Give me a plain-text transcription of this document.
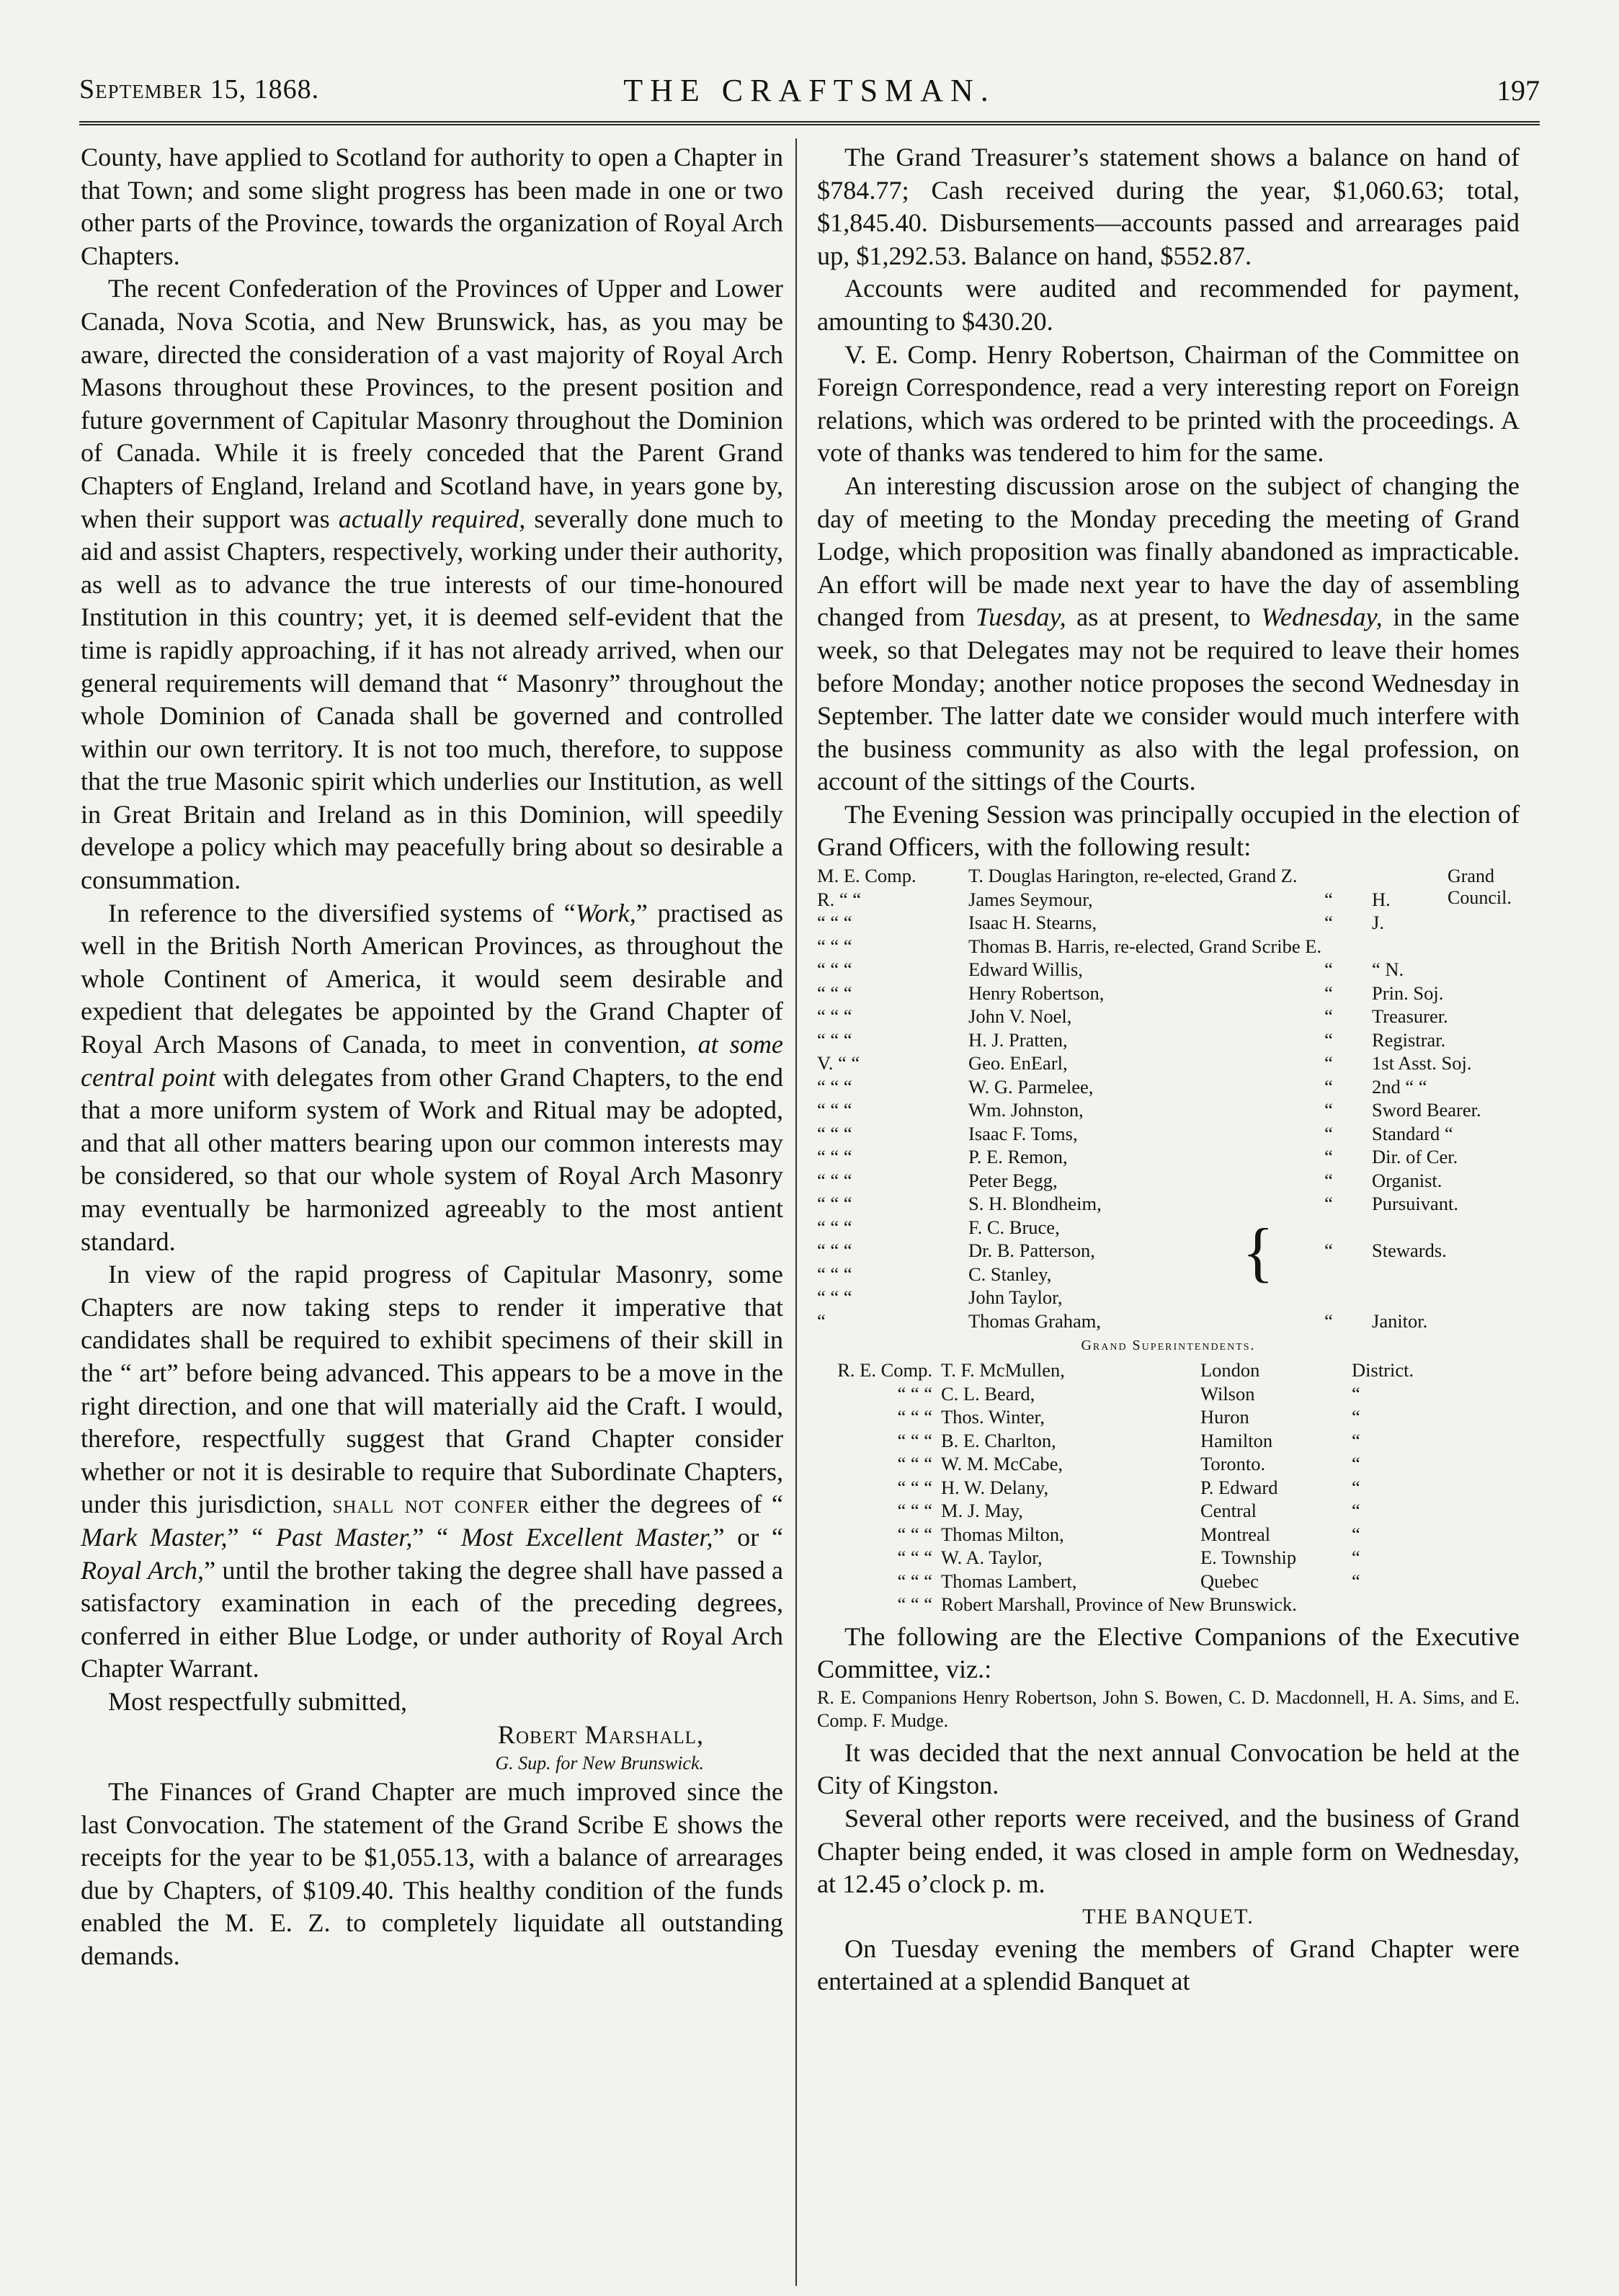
September 15, 1868.	THE CRAFTSMAN.	197

County, have applied to Scotland for authority to open a Chapter in that Town; and some slight progress has been made in one or two other parts of the Province, towards the organization of Royal Arch Chapters.

The recent Confederation of the Provinces of Upper and Lower Canada, Nova Scotia, and New Brunswick, has, as you may be aware, directed the consideration of a vast majority of Royal Arch Masons throughout these Provinces, to the present position and future government of Capitular Masonry throughout the Dominion of Canada. While it is freely conceded that the Parent Grand Chapters of England, Ireland and Scotland have, in years gone by, when their support was actually required, severally done much to aid and assist Chapters, respectively, working under their authority, as well as to advance the true interests of our time-honoured Institution in this country; yet, it is deemed self-evident that the time is rapidly approaching, if it has not already arrived, when our general requirements will demand that “ Masonry” throughout the whole Dominion of Canada shall be governed and controlled within our own territory. It is not too much, therefore, to suppose that the true Masonic spirit which underlies our Institution, as well in Great Britain and Ireland as in this Dominion, will speedily develope a policy which may peacefully bring about so desirable a consummation.

In reference to the diversified systems of “Work,” practised as well in the British North American Provinces, as throughout the whole Continent of America, it would seem desirable and expedient that delegates be appointed by the Grand Chapter of Royal Arch Masons of Canada, to meet in convention, at some central point with delegates from other Grand Chapters, to the end that a more uniform system of Work and Ritual may be adopted, and that all other matters bearing upon our common interests may be considered, so that our whole system of Royal Arch Masonry may eventually be harmonized agreeably to the most antient standard.

In view of the rapid progress of Capitular Masonry, some Chapters are now taking steps to render it imperative that candidates shall be required to exhibit specimens of their skill in the “ art” before being advanced. This appears to be a move in the right direction, and one that will materially aid the Craft. I would, therefore, respectfully suggest that Grand Chapter consider whether or not it is desirable to require that Subordinate Chapters, under this jurisdiction, shall not confer either the degrees of “ Mark Master,” “ Past Master,” “ Most Excellent Master,” or “ Royal Arch,” until the brother taking the degree shall have passed a satisfactory examination in each of the preceding degrees, conferred in either Blue Lodge, or under authority of Royal Arch Chapter Warrant.

Most respectfully submitted,

Robert Marshall,
G. Sup. for New Brunswick.

The Finances of Grand Chapter are much improved since the last Convocation. The statement of the Grand Scribe E shows the receipts for the year to be $1,055.13, with a balance of arrearages due by Chapters, of $109.40. This healthy condition of the funds enabled the M. E. Z. to completely liquidate all outstanding demands.

The Grand Treasurer’s statement shows a balance on hand of $784.77; Cash received during the year, $1,060.63; total, $1,845.40. Disbursements—accounts passed and arrearages paid up, $1,292.53. Balance on hand, $552.87.

Accounts were audited and recommended for payment, amounting to $430.20.

V. E. Comp. Henry Robertson, Chairman of the Committee on Foreign Correspondence, read a very interesting report on Foreign relations, which was ordered to be printed with the proceedings. A vote of thanks was tendered to him for the same.

An interesting discussion arose on the subject of changing the day of meeting to the Monday preceding the meeting of Grand Lodge, which proposition was finally abandoned as impracticable. An effort will be made next year to have the day of assembling changed from Tuesday, as at present, to Wednesday, in the same week, so that Delegates may not be required to leave their homes before Monday; another notice proposes the second Wednesday in September. The latter date we consider would much interfere with the business community as also with the legal profession, on account of the sittings of the Courts.

The Evening Session was principally occupied in the election of Grand Officers, with the following result:

M. E. Comp.	T. Douglas Harington, re-elected, Grand Z.
R. “ “	James Seymour,	“	H.
“ “ “	Isaac H. Stearns,	“	J.
“ “ “	Thomas B. Harris, re-elected, Grand Scribe E.
“ “ “	Edward Willis,	“	“ N.
“ “ “	Henry Robertson,	“	Prin. Soj.
“ “ “	John V. Noel,	“	Treasurer.
“ “ “	H. J. Pratten,	“	Registrar.
V. “ “	Geo. EnEarl,	“	1st Asst. Soj.
“ “ “	W. G. Parmelee,	“	2nd “ “
“ “ “	Wm. Johnston,	“	Sword Bearer.
“ “ “	Isaac F. Toms,	“	Standard “
“ “ “	P. E. Remon,	“	Dir. of Cer.
“ “ “	Peter Begg,	“	Organist.
“ “ “	S. H. Blondheim,	“	Pursuivant.
“ “ “	F. C. Bruce,
“ “ “	Dr. B. Patterson,	“	Stewards.
“ “ “	C. Stanley,
“ “ “	John Taylor,
“	Thomas Graham,	“	Janitor.
Grand
Council.
{
Grand Superintendents.
R. E. Comp. T. F. McMullen,	London	District.
“ “ “ C. L. Beard,	Wilson	“
“ “ “ Thos. Winter,	Huron	“
“ “ “ B. E. Charlton,	Hamilton	“
“ “ “ W. M. McCabe,	Toronto.	“
“ “ “ H. W. Delany,	P. Edward	“
“ “ “ M. J. May,	Central	“
“ “ “ Thomas Milton,	Montreal	“
“ “ “ W. A. Taylor,	E. Township	“
“ “ “ Thomas Lambert,	Quebec	“
“ “ “ Robert Marshall, Province of New Brunswick.

The following are the Elective Companions of the Executive Committee, viz.:

R. E. Companions Henry Robertson, John S. Bowen, C. D. Macdonnell, H. A. Sims, and E. Comp. F. Mudge.

It was decided that the next annual Convocation be held at the City of Kingston.

Several other reports were received, and the business of Grand Chapter being ended, it was closed in ample form on Wednesday, at 12.45 o’clock p. m.

THE BANQUET.

On Tuesday evening the members of Grand Chapter were entertained at a splendid Banquet at
